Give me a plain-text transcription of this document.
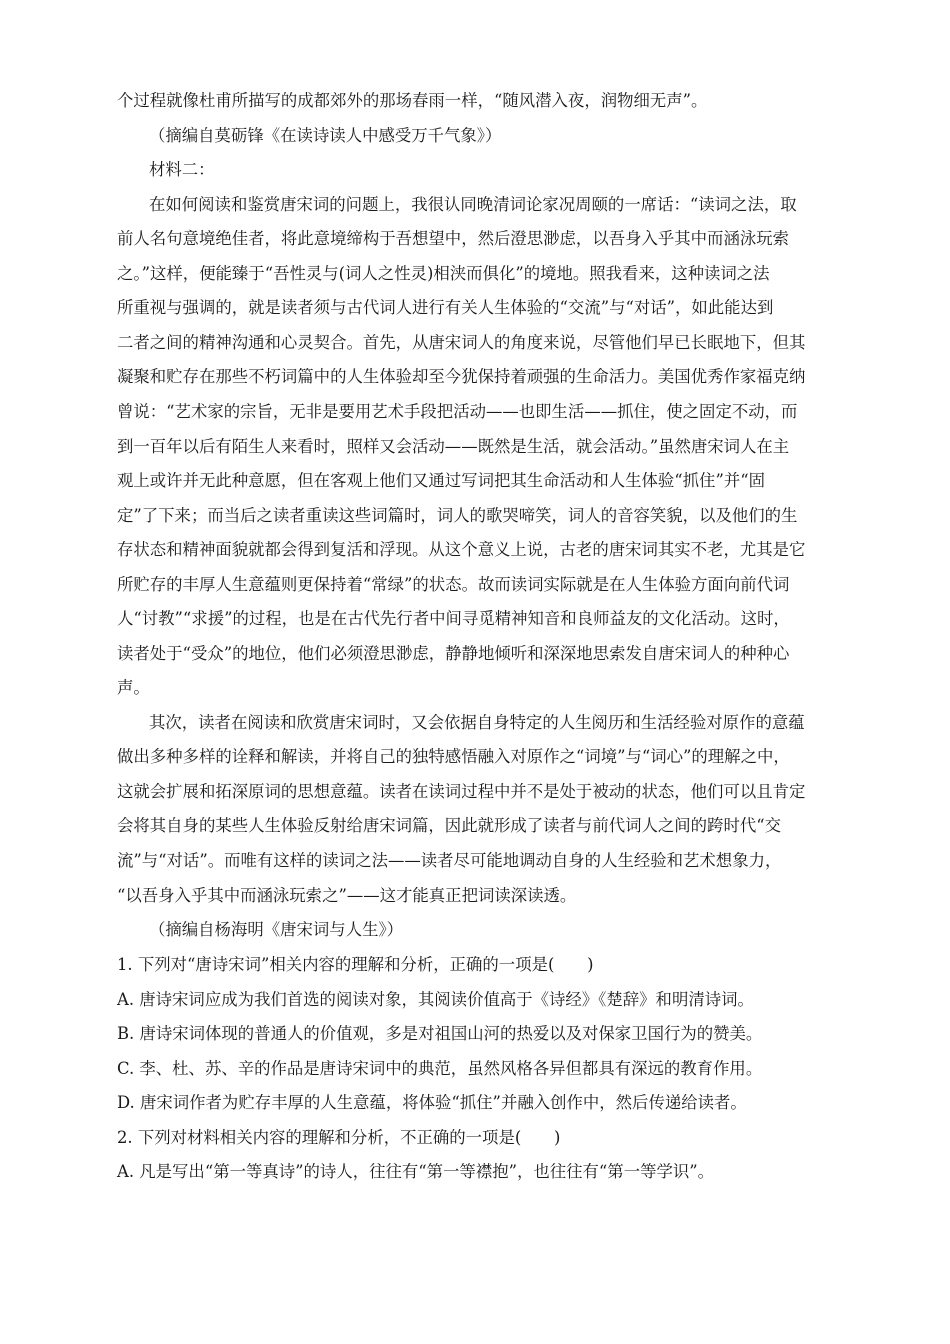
个过程就像杜甫所描写的成都郊外的那场春雨一样，“随风潜入夜，润物细无声”。

（摘编自莫砺锋《在读诗读人中感受万千气象》）

材料二：

在如何阅读和鉴赏唐宋词的问题上，我很认同晚清词论家况周颐的一席话：“读词之法，取

前人名句意境绝佳者，将此意境缔构于吾想望中，然后澄思渺虑，以吾身入乎其中而涵泳玩索

之。”这样，便能臻于“吾性灵与(词人之性灵)相浃而俱化”的境地。照我看来，这种读词之法

所重视与强调的，就是读者须与古代词人进行有关人生体验的“交流”与“对话”，如此能达到

二者之间的精神沟通和心灵契合。首先，从唐宋词人的角度来说，尽管他们早已长眠地下，但其

凝聚和贮存在那些不朽词篇中的人生体验却至今犹保持着顽强的生命活力。美国优秀作家福克纳

曾说：“艺术家的宗旨，无非是要用艺术手段把活动——也即生活——抓住，使之固定不动，而

到一百年以后有陌生人来看时，照样又会活动——既然是生活，就会活动。”虽然唐宋词人在主

观上或许并无此种意愿，但在客观上他们又通过写词把其生命活动和人生体验“抓住”并“固

定”了下来；而当后之读者重读这些词篇时，词人的歌哭啼笑，词人的音容笑貌，以及他们的生

存状态和精神面貌就都会得到复活和浮现。从这个意义上说，古老的唐宋词其实不老，尤其是它

所贮存的丰厚人生意蕴则更保持着“常绿”的状态。故而读词实际就是在人生体验方面向前代词

人“讨教”“求援”的过程，也是在古代先行者中间寻觅精神知音和良师益友的文化活动。这时，

读者处于“受众”的地位，他们必须澄思渺虑，静静地倾听和深深地思索发自唐宋词人的种种心

声。

其次，读者在阅读和欣赏唐宋词时，又会依据自身特定的人生阅历和生活经验对原作的意蕴

做出多种多样的诠释和解读，并将自己的独特感悟融入对原作之“词境”与“词心”的理解之中，

这就会扩展和拓深原词的思想意蕴。读者在读词过程中并不是处于被动的状态，他们可以且肯定

会将其自身的某些人生体验反射给唐宋词篇，因此就形成了读者与前代词人之间的跨时代“交

流”与“对话”。而唯有这样的读词之法——读者尽可能地调动自身的人生经验和艺术想象力，

“以吾身入乎其中而涵泳玩索之”——这才能真正把词读深读透。

（摘编自杨海明《唐宋词与人生》）

1. 下列对“唐诗宋词”相关内容的理解和分析，正确的一项是(　　)

A. 唐诗宋词应成为我们首选的阅读对象，其阅读价值高于《诗经》《楚辞》和明清诗词。

B. 唐诗宋词体现的普通人的价值观，多是对祖国山河的热爱以及对保家卫国行为的赞美。

C. 李、杜、苏、辛的作品是唐诗宋词中的典范，虽然风格各异但都具有深远的教育作用。

D. 唐宋词作者为贮存丰厚的人生意蕴，将体验“抓住”并融入创作中，然后传递给读者。

2. 下列对材料相关内容的理解和分析，不正确的一项是(　　)

A. 凡是写出“第一等真诗”的诗人，往往有“第一等襟抱”，也往往有“第一等学识”。
